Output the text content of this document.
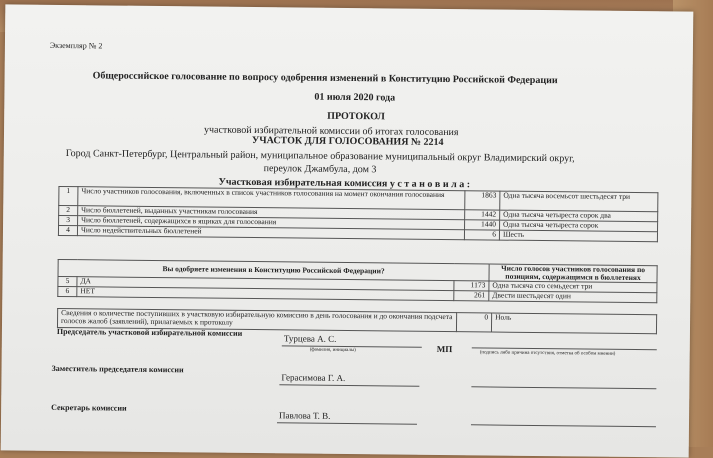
Экземпляр № 2
Общероссийское голосование по вопросу одобрения изменений в Конституцию Российской Федерации
01 июля 2020 года
ПРОТОКОЛ
участковой избирательной комиссии об итогах голосования
УЧАСТОК ДЛЯ ГОЛОСОВАНИЯ № 2214
Город Санкт-Петербург, Центральный район, муниципальное образование муниципальный округ Владимирский округ,
переулок Джамбула, дом 3
Участковая избирательная комиссия у с т а н о в и л а :
1	Число участников голосования, включенных в список участников голосования на момент окончания голосования	1863	Одна тысяча восемьсот шестьдесят три
2	Число бюллетеней, выданных участникам голосования	1442	Одна тысяча четыреста сорок два
3	Число бюллетеней, содержащихся в ящиках для голосования	1440	Одна тысяча четыреста сорок
4	Число недействительных бюллетеней	6	Шесть
Вы одобряете изменения в Конституцию Российской Федерации?			Число голосов участников голосования по позициям, содержащимся в бюллетенях
5	ДА	1173	Одна тысяча сто семьдесят три
6	НЕТ	261	Двести шестьдесят один
Сведения о количестве поступивших в участковую избирательную комиссию в день голосования и до окончания подсчета голосов жалоб (заявлений), прилагаемых к протоколу	0	Ноль
Председатель участковой избирательной комиссии
Турцева А. С.
(фамилия, инициалы)	МП	(подпись либо причина отсутствия, отметка об особом мнении)
Заместитель председателя комиссии
Герасимова Г. А.
Секретарь комиссии
Павлова Т. В.
